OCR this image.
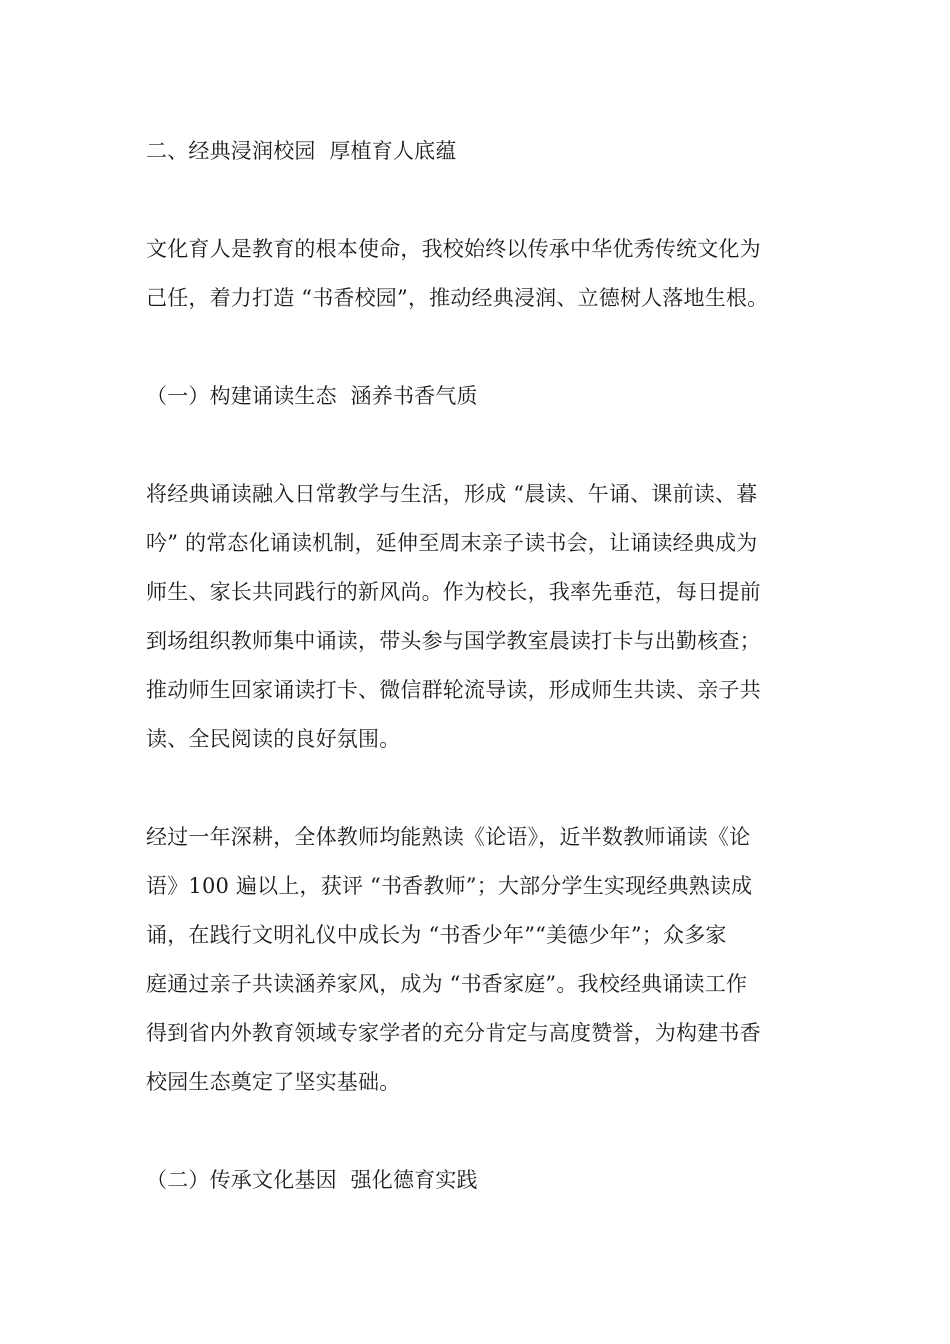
二、经典浸润校园  厚植育人底蕴

文化育人是教育的根本使命，我校始终以传承中华优秀传统文化为

己任，着力打造 “书香校园”，推动经典浸润、立德树人落地生根。

（一）构建诵读生态  涵养书香气质

将经典诵读融入日常教学与生活，形成 “晨读、午诵、课前读、暮

吟” 的常态化诵读机制，延伸至周末亲子读书会，让诵读经典成为

师生、家长共同践行的新风尚。作为校长，我率先垂范，每日提前

到场组织教师集中诵读，带头参与国学教室晨读打卡与出勤核查；

推动师生回家诵读打卡、微信群轮流导读，形成师生共读、亲子共

读、全民阅读的良好氛围。

经过一年深耕，全体教师均能熟读《论语》，近半数教师诵读《论

语》100 遍以上，获评 “书香教师”；大部分学生实现经典熟读成

诵，在践行文明礼仪中成长为 “书香少年”“美德少年”；众多家

庭通过亲子共读涵养家风，成为 “书香家庭”。我校经典诵读工作

得到省内外教育领域专家学者的充分肯定与高度赞誉，为构建书香

校园生态奠定了坚实基础。

（二）传承文化基因  强化德育实践
